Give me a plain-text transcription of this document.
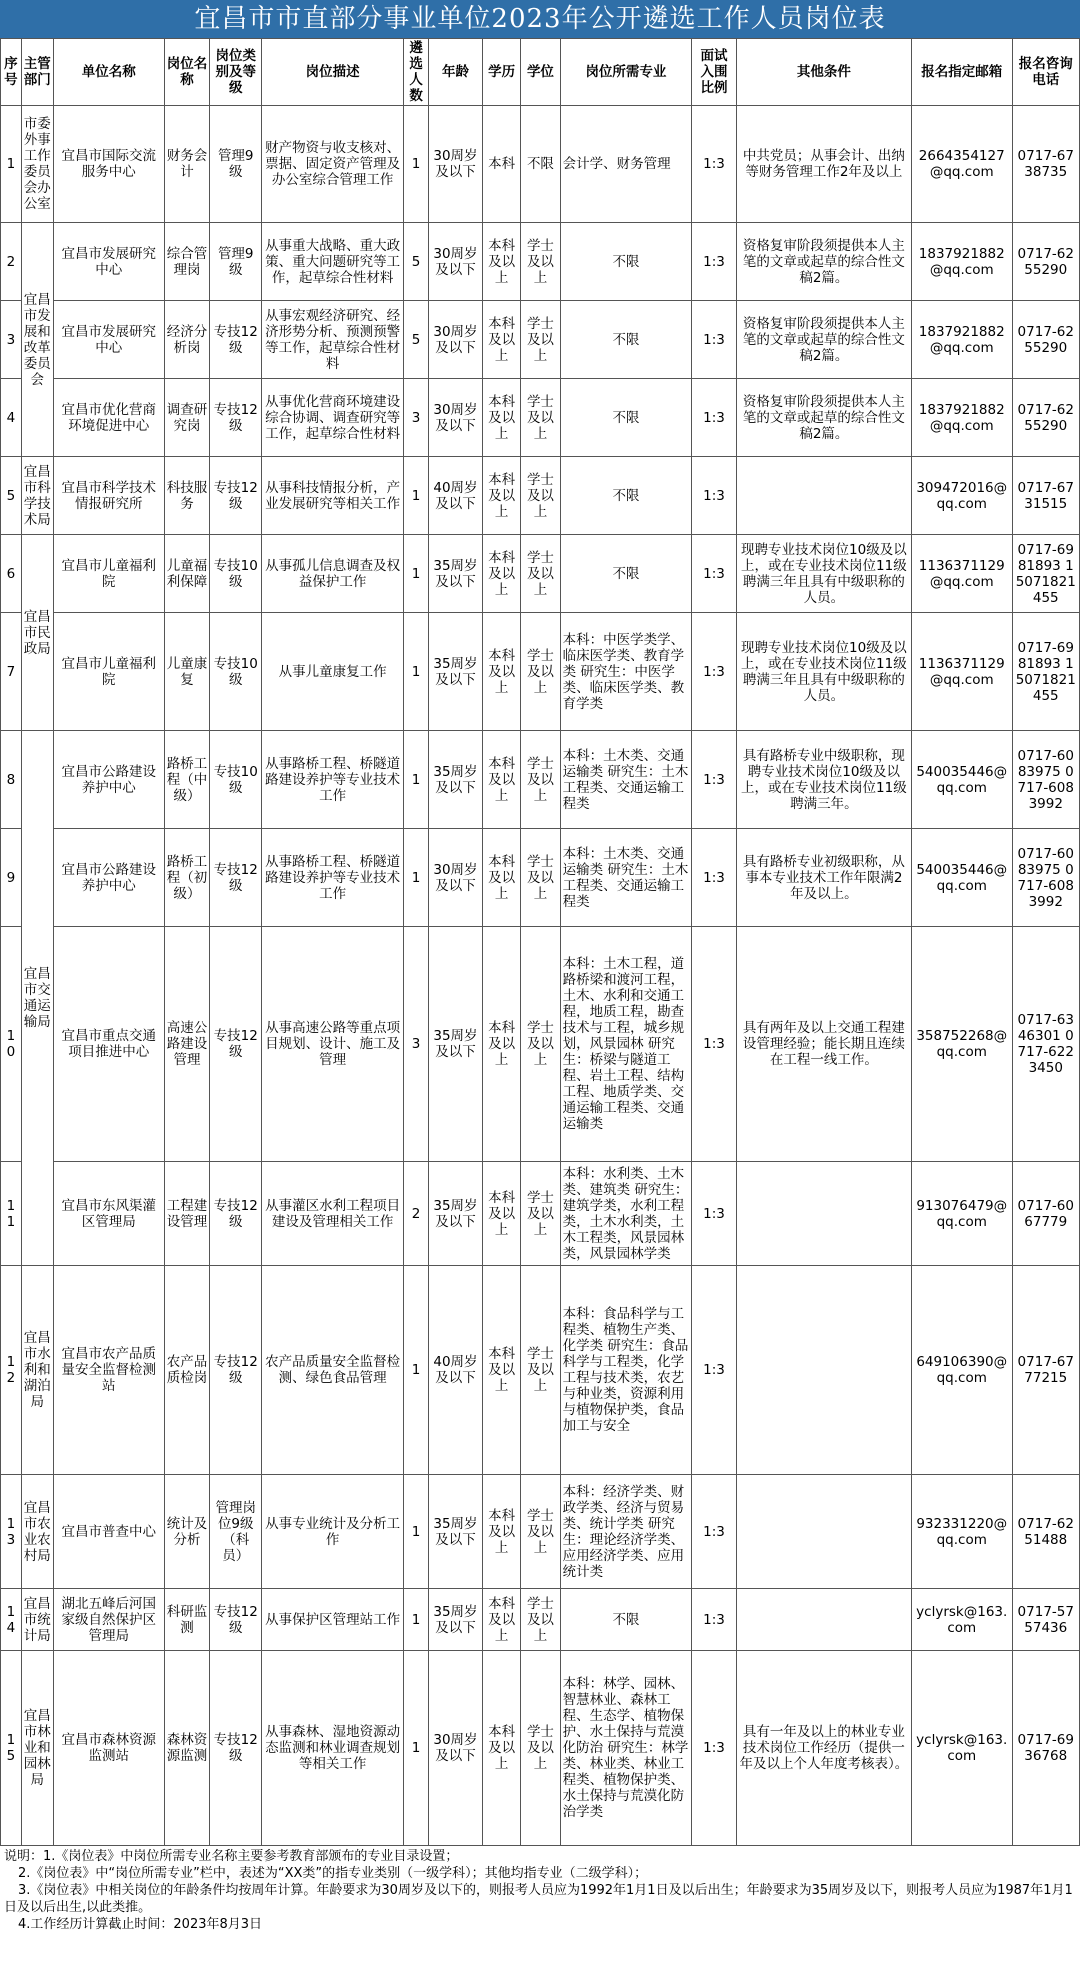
宜昌市市直部分事业单位2023年公开遴选工作人员岗位表
序号	主管部门	单位名称	岗位名称	岗位类别及等级	岗位描述	遴选人数	年龄	学历	学位	岗位所需专业	面试入围比例	其他条件	报名指定邮箱	报名咨询电话
1	市委外事工作委员会办公室	宜昌市国际交流服务中心	财务会计	管理9级	财产物资与收支核对、票据、固定资产管理及办公室综合管理工作	1	30周岁及以下	本科	不限	会计学、财务管理	1:3	中共党员；从事会计、出纳等财务管理工作2年及以上	2664354127@qq.com	0717-6738735
2	宜昌市发展和改革委员会	宜昌市发展研究中心	综合管理岗	管理9级	从事重大战略、重大政策、重大问题研究等工作，起草综合性材料	5	30周岁及以下	本科及以上	学士及以上	不限	1:3	资格复审阶段须提供本人主笔的文章或起草的综合性文稿2篇。	1837921882@qq.com	0717-6255290
3		宜昌市发展研究中心	经济分析岗	专技12级	从事宏观经济研究、经济形势分析、预测预警等工作，起草综合性材料	5	30周岁及以下	本科及以上	学士及以上	不限	1:3	资格复审阶段须提供本人主笔的文章或起草的综合性文稿2篇。	1837921882@qq.com	0717-6255290
4		宜昌市优化营商环境促进中心	调查研究岗	专技12级	从事优化营商环境建设综合协调、调查研究等工作，起草综合性材料	3	30周岁及以下	本科及以上	学士及以上	不限	1:3	资格复审阶段须提供本人主笔的文章或起草的综合性文稿2篇。	1837921882@qq.com	0717-6255290
5	宜昌市科学技术局	宜昌市科学技术情报研究所	科技服务	专技12级	从事科技情报分析，产业发展研究等相关工作	1	40周岁及以下	本科及以上	学士及以上	不限	1:3		309472016@qq.com	0717-6731515
6	宜昌市民政局	宜昌市儿童福利院	儿童福利保障	专技10级	从事孤儿信息调查及权益保护工作	1	35周岁及以下	本科及以上	学士及以上	不限	1:3	现聘专业技术岗位10级及以上，或在专业技术岗位11级聘满三年且具有中级职称的人员。	1136371129@qq.com	0717-6981893 15071821455
7		宜昌市儿童福利院	儿童康复	专技10级	从事儿童康复工作	1	35周岁及以下	本科及以上	学士及以上	本科：中医学类学、临床医学类、教育学类 研究生：中医学类、临床医学类、教育学类	1:3	现聘专业技术岗位10级及以上，或在专业技术岗位11级聘满三年且具有中级职称的人员。	1136371129@qq.com	0717-6981893 15071821455
8	宜昌市交通运输局	宜昌市公路建设养护中心	路桥工程（中级）	专技10级	从事路桥工程、桥隧道路建设养护等专业技术工作	1	35周岁及以下	本科及以上	学士及以上	本科：土木类、交通运输类 研究生：土木工程类、交通运输工程类	1:3	具有路桥专业中级职称，现聘专业技术岗位10级及以上，或在专业技术岗位11级聘满三年。	540035446@qq.com	0717-6083975 0717-6083992
9		宜昌市公路建设养护中心	路桥工程（初级）	专技12级	从事路桥工程、桥隧道路建设养护等专业技术工作	1	30周岁及以下	本科及以上	学士及以上	本科：土木类、交通运输类 研究生：土木工程类、交通运输工程类	1:3	具有路桥专业初级职称，从事本专业技术工作年限满2年及以上。	540035446@qq.com	0717-6083975 0717-6083992
10		宜昌市重点交通项目推进中心	高速公路建设管理	专技12级	从事高速公路等重点项目规划、设计、施工及管理	3	35周岁及以下	本科及以上	学士及以上	本科：土木工程，道路桥梁和渡河工程，土木、水利和交通工程，地质工程，勘查技术与工程，城乡规划，风景园林 研究生：桥梁与隧道工程、岩土工程、结构工程、地质学类、交通运输工程类、交通运输类	1:3	具有两年及以上交通工程建设管理经验；能长期且连续在工程一线工作。	358752268@qq.com	0717-6346301 0717-6223450
11		宜昌市东风渠灌区管理局	工程建设管理	专技12级	从事灌区水利工程项目建设及管理相关工作	2	35周岁及以下	本科及以上	学士及以上	本科：水利类、土木类、建筑类 研究生：建筑学类，水利工程类，土木水利类，土木工程类，风景园林类，风景园林学类	1:3		913076479@qq.com	0717-6067779
12	宜昌市水利和湖泊局	宜昌市农产品质量安全监督检测站	农产品质检岗	专技12级	农产品质量安全监督检测、绿色食品管理	1	40周岁及以下	本科及以上	学士及以上	本科：食品科学与工程类、植物生产类、化学类 研究生：食品科学与工程类，化学工程与技术类，农艺与种业类，资源利用与植物保护类，食品加工与安全	1:3		649106390@qq.com	0717-6777215
13	宜昌市农业农村局	宜昌市普查中心	统计及分析	管理岗位9级（科员）	从事专业统计及分析工作	1	35周岁及以下	本科及以上	学士及以上	本科：经济学类、财政学类、经济与贸易类、统计学类 研究生：理论经济学类、应用经济学类、应用统计类	1:3		932331220@qq.com	0717-6251488
14	宜昌市统计局	湖北五峰后河国家级自然保护区管理局	科研监测	专技12级	从事保护区管理站工作	1	35周岁及以下	本科及以上	学士及以上	不限	1:3		yclyrsk@163.com	0717-5757436
15	宜昌市林业和园林局	宜昌市森林资源监测站	森林资源监测	专技12级	从事森林、湿地资源动态监测和林业调查规划等相关工作	1	30周岁及以下	本科及以上	学士及以上	本科：林学、园林、智慧林业、森林工程、生态学、植物保护、水土保持与荒漠化防治 研究生：林学类、林业类、林业工程类、植物保护类、水土保持与荒漠化防治学类	1:3	具有一年及以上的林业专业技术岗位工作经历（提供一年及以上个人年度考核表）。	yclyrsk@163.com	0717-6936768
说明：1.《岗位表》中岗位所需专业名称主要参考教育部颁布的专业目录设置；
2.《岗位表》中“岗位所需专业”栏中，表述为“XX类”的指专业类别（一级学科）；其他均指专业（二级学科）；
3.《岗位表》中相关岗位的年龄条件均按周年计算。年龄要求为30周岁及以下的，则报考人员应为1992年1月1日及以后出生；年龄要求为35周岁及以下，则报考人员应为1987年1月1日及以后出生,以此类推。
4.工作经历计算截止时间：2023年8月3日
